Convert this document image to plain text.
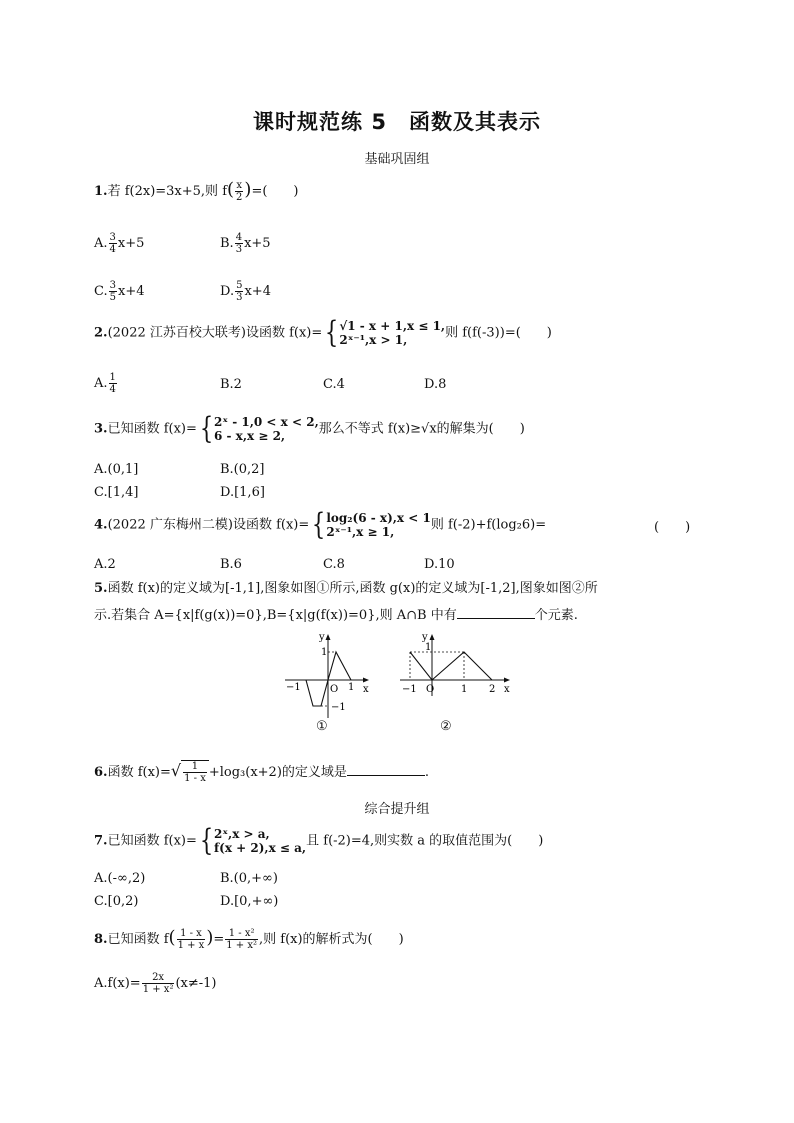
课时规范练 5　函数及其表示
基础巩固组
1.若 f(2x)=3x+5,则 $f( \frac{x}{2}$ )=(　　)
A. $\frac{3}{4} x+5$	B. $\frac{4}{3} x+5$
C. $\frac{3}{5} x+4$	D. $\frac{5}{3} x+4$
2.(2022 江苏百校大联考)设函数 f(x)={ √1 - x + 1,x ≤ 1,
2ˣ⁻¹,x > 1,	则 f(f(-3))=(　　)
A. $\frac{1}{4}$	B.2	C.4	D.8
3.已知函数 f(x)={ 2ˣ - 1,0 < x < 2,
6 - x,x ≥ 2,	那么不等式 f(x)≥√x的解集为(　　)
A.(0,1]	B.(0,2]
C.[1,4]	D.[1,6]
4.(2022 广东梅州二模)设函数 f(x)={ log₂(6 - x),x < 1
2ˣ⁻¹,x ≥ 1,	则 f(-2)+f(log₂6)=	(　　)
A.2	B.6	C.8	D.10
5.函数 f(x)的定义域为[-1,1],图象如图①所示,函数 g(x)的定义域为[-1,2],图象如图②所
示.若集合 A={x|f(g(x))=0},B={x|g(f(x))=0},则 A∩B 中有	个元素.
y
x
1
−1	O 1
−1
①
y
x
1
−1 O	1 2
②
6.函数 $f(x)=√ \frac{1}{1 - x} +\log_3(x+2)$的定义域是	.
综合提升组
7.已知函数 f(x)={ 2ˣ,x > a,
f(x + 2),x ≤ a, 且 f(-2)=4,则实数 a 的取值范围为(　　)
A.(-∞,2)	B.(0,+∞)
C.[0,2)	D.[0,+∞)
8.已知函数 $f( \frac{1 - x}{1 + x}$ )= $\frac{\text{1 - x²}}{\text{1 + x²}}$ ,则 f(x)的解析式为(　　)
$A.f(x)= \frac{2x}{\text{1 + x²}} (x\ne-1)$
